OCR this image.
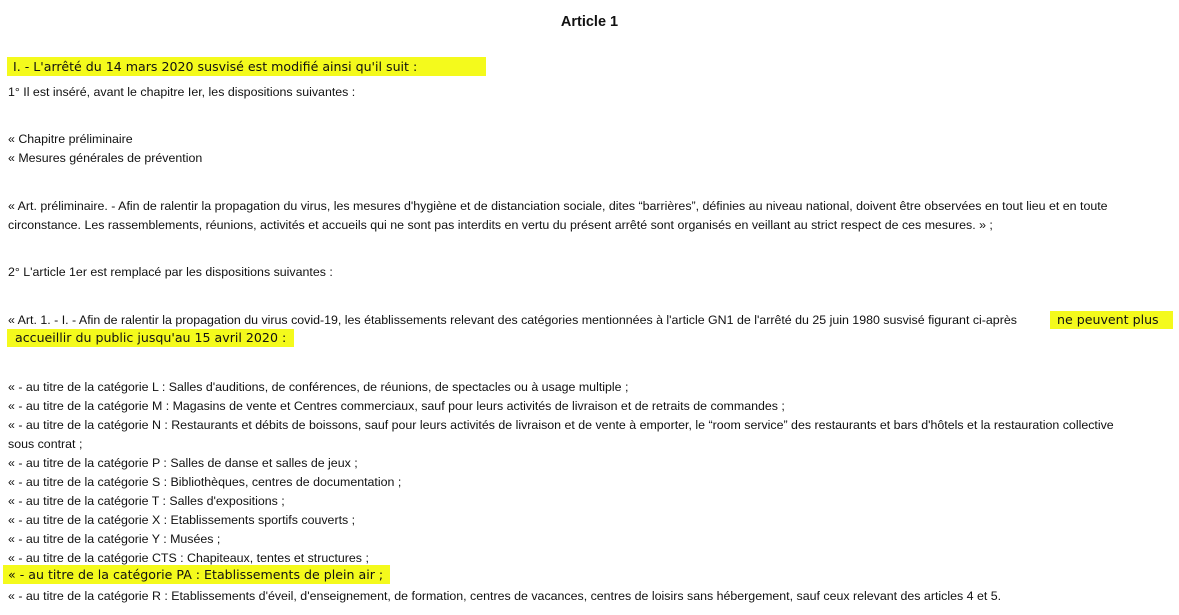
Article 1
I. - L'arrêté du 14 mars 2020 susvisé est modifié ainsi qu'il suit :
1° Il est inséré, avant le chapitre Ier, les dispositions suivantes :
« Chapitre préliminaire
« Mesures générales de prévention
« Art. préliminaire. - Afin de ralentir la propagation du virus, les mesures d'hygiène et de distanciation sociale, dites “barrières”, définies au niveau national, doivent être observées en tout lieu et en toute
circonstance. Les rassemblements, réunions, activités et accueils qui ne sont pas interdits en vertu du présent arrêté sont organisés en veillant au strict respect de ces mesures. » ;
2° L'article 1er est remplacé par les dispositions suivantes :
« Art. 1. - I. - Afin de ralentir la propagation du virus covid-19, les établissements relevant des catégories mentionnées à l'article GN1 de l'arrêté du 25 juin 1980 susvisé figurant ci-après	ne peuvent plus
accueillir du public jusqu'au 15 avril 2020 :
« - au titre de la catégorie L : Salles d'auditions, de conférences, de réunions, de spectacles ou à usage multiple ;
« - au titre de la catégorie M : Magasins de vente et Centres commerciaux, sauf pour leurs activités de livraison et de retraits de commandes ;
« - au titre de la catégorie N : Restaurants et débits de boissons, sauf pour leurs activités de livraison et de vente à emporter, le “room service” des restaurants et bars d'hôtels et la restauration collective
sous contrat ;
« - au titre de la catégorie P : Salles de danse et salles de jeux ;
« - au titre de la catégorie S : Bibliothèques, centres de documentation ;
« - au titre de la catégorie T : Salles d'expositions ;
« - au titre de la catégorie X : Etablissements sportifs couverts ;
« - au titre de la catégorie Y : Musées ;
« - au titre de la catégorie CTS : Chapiteaux, tentes et structures ;
« - au titre de la catégorie PA : Etablissements de plein air ;
« - au titre de la catégorie R : Etablissements d'éveil, d'enseignement, de formation, centres de vacances, centres de loisirs sans hébergement, sauf ceux relevant des articles 4 et 5.
